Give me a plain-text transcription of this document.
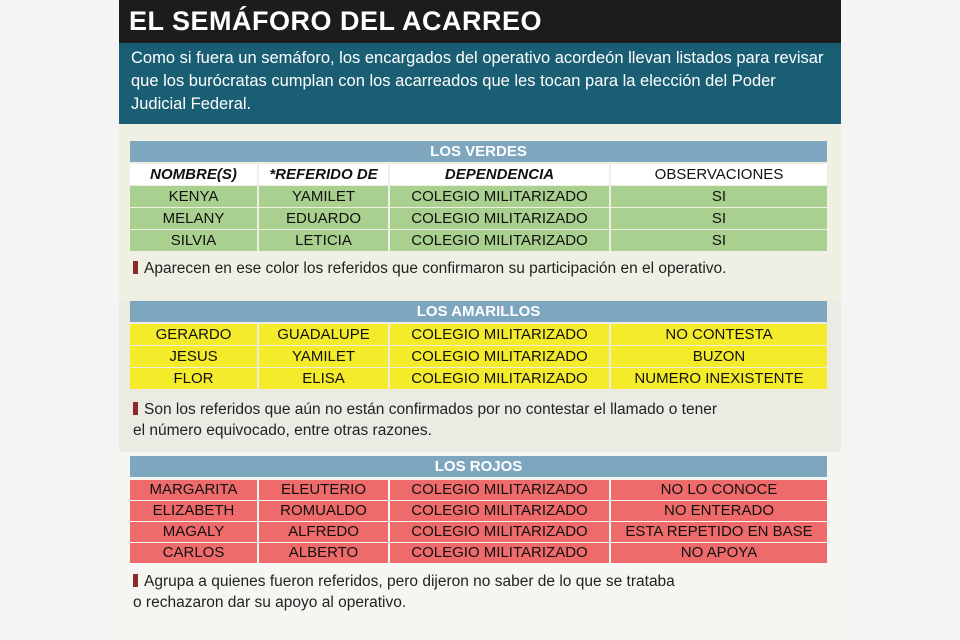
EL SEMÁFORO DEL ACARREO
Como si fuera un semáforo, los encargados del operativo acordeón llevan listados para revisar que los burócratas cumplan con los acarreados que les tocan para la elección del Poder Judicial Federal.
LOS VERDES
NOMBRE(S)	*REFERIDO DE	DEPENDENCIA	OBSERVACIONES
KENYA	YAMILET	COLEGIO MILITARIZADO	SI
MELANY	EDUARDO	COLEGIO MILITARIZADO	SI
SILVIA	LETICIA	COLEGIO MILITARIZADO	SI
Aparecen en ese color los referidos que confirmaron su participación en el operativo.
LOS AMARILLOS
GERARDO	GUADALUPE	COLEGIO MILITARIZADO	NO CONTESTA
JESUS	YAMILET	COLEGIO MILITARIZADO	BUZON
FLOR	ELISA	COLEGIO MILITARIZADO	NUMERO INEXISTENTE
Son los referidos que aún no están confirmados por no contestar el llamado o tener
el número equivocado, entre otras razones.
LOS ROJOS
MARGARITA	ELEUTERIO	COLEGIO MILITARIZADO	NO LO CONOCE
ELIZABETH	ROMUALDO	COLEGIO MILITARIZADO	NO ENTERADO
MAGALY	ALFREDO	COLEGIO MILITARIZADO	ESTA REPETIDO EN BASE
CARLOS	ALBERTO	COLEGIO MILITARIZADO	NO APOYA
Agrupa a quienes fueron referidos, pero dijeron no saber de lo que se trataba
o rechazaron dar su apoyo al operativo.
